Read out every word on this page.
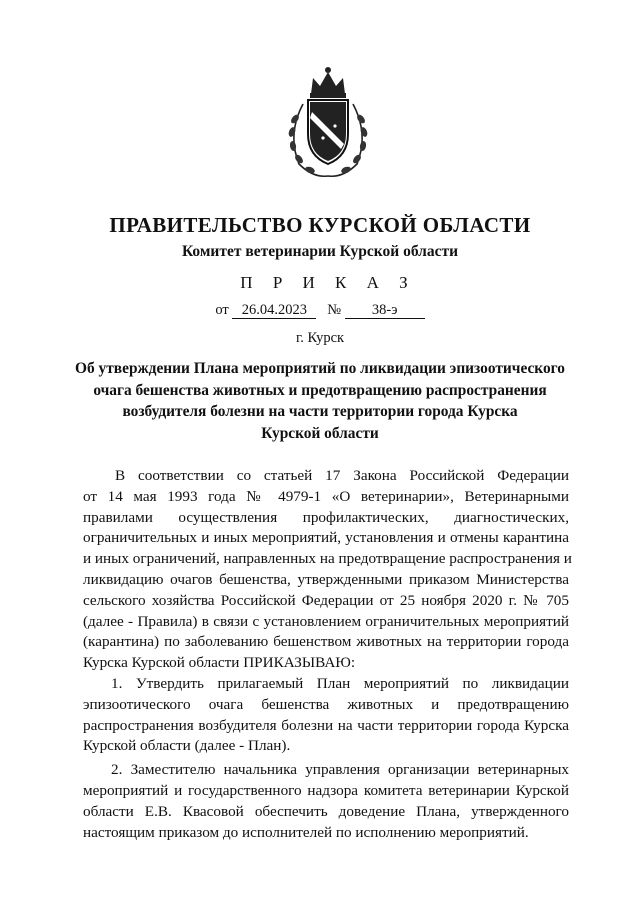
ПРАВИТЕЛЬСТВО КУРСКОЙ ОБЛАСТИ
Комитет ветеринарии Курской области
П Р И К А З
от 26.04.2023 № 38-э
г. Курск
Об утверждении Плана мероприятий по ликвидации эпизоотического
очага бешенства животных и предотвращению распространения
возбудителя болезни на части территории города Курска
Курской области
В соответствии со статьей 17 Закона Российской Федерации
от 14 мая 1993 года № 4979-1 «О ветеринарии», Ветеринарными
правилами осуществления профилактических, диагностических,
ограничительных и иных мероприятий, установления и отмены карантина
и иных ограничений, направленных на предотвращение распространения и
ликвидацию очагов бешенства, утвержденными приказом Министерства
сельского хозяйства Российской Федерации от 25 ноября 2020 г. № 705
(далее - Правила) в связи с установлением ограничительных мероприятий
(карантина) по заболеванию бешенством животных на территории города
Курска Курской области ПРИКАЗЫВАЮ:
1. Утвердить прилагаемый План мероприятий по ликвидации
эпизоотического очага бешенства животных и предотвращению
распространения возбудителя болезни на части территории города Курска
Курской области (далее - План).
2. Заместителю начальника управления организации ветеринарных
мероприятий и государственного надзора комитета ветеринарии Курской
области Е.В. Квасовой обеспечить доведение Плана, утвержденного
настоящим приказом до исполнителей по исполнению мероприятий.
